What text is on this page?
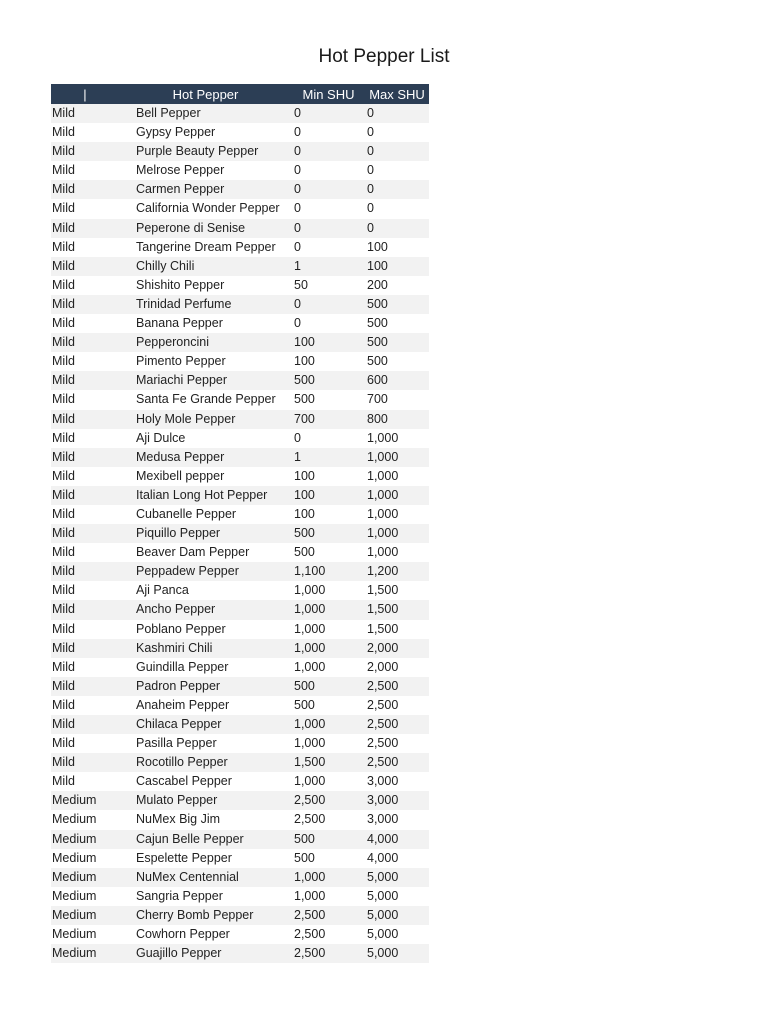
Hot Pepper List
|	Hot Pepper	Min SHU	Max SHU
Mild	Bell Pepper	0	0
Mild	Gypsy Pepper	0	0
Mild	Purple Beauty Pepper	0	0
Mild	Melrose Pepper	0	0
Mild	Carmen Pepper	0	0
Mild	California Wonder Pepper	0	0
Mild	Peperone di Senise	0	0
Mild	Tangerine Dream Pepper	0	100
Mild	Chilly Chili	1	100
Mild	Shishito Pepper	50	200
Mild	Trinidad Perfume	0	500
Mild	Banana Pepper	0	500
Mild	Pepperoncini	100	500
Mild	Pimento Pepper	100	500
Mild	Mariachi Pepper	500	600
Mild	Santa Fe Grande Pepper	500	700
Mild	Holy Mole Pepper	700	800
Mild	Aji Dulce	0	1,000
Mild	Medusa Pepper	1	1,000
Mild	Mexibell pepper	100	1,000
Mild	Italian Long Hot Pepper	100	1,000
Mild	Cubanelle Pepper	100	1,000
Mild	Piquillo Pepper	500	1,000
Mild	Beaver Dam Pepper	500	1,000
Mild	Peppadew Pepper	1,100	1,200
Mild	Aji Panca	1,000	1,500
Mild	Ancho Pepper	1,000	1,500
Mild	Poblano Pepper	1,000	1,500
Mild	Kashmiri Chili	1,000	2,000
Mild	Guindilla Pepper	1,000	2,000
Mild	Padron Pepper	500	2,500
Mild	Anaheim Pepper	500	2,500
Mild	Chilaca Pepper	1,000	2,500
Mild	Pasilla Pepper	1,000	2,500
Mild	Rocotillo Pepper	1,500	2,500
Mild	Cascabel Pepper	1,000	3,000
Medium	Mulato Pepper	2,500	3,000
Medium	NuMex Big Jim	2,500	3,000
Medium	Cajun Belle Pepper	500	4,000
Medium	Espelette Pepper	500	4,000
Medium	NuMex Centennial	1,000	5,000
Medium	Sangria Pepper	1,000	5,000
Medium	Cherry Bomb Pepper	2,500	5,000
Medium	Cowhorn Pepper	2,500	5,000
Medium	Guajillo Pepper	2,500	5,000
